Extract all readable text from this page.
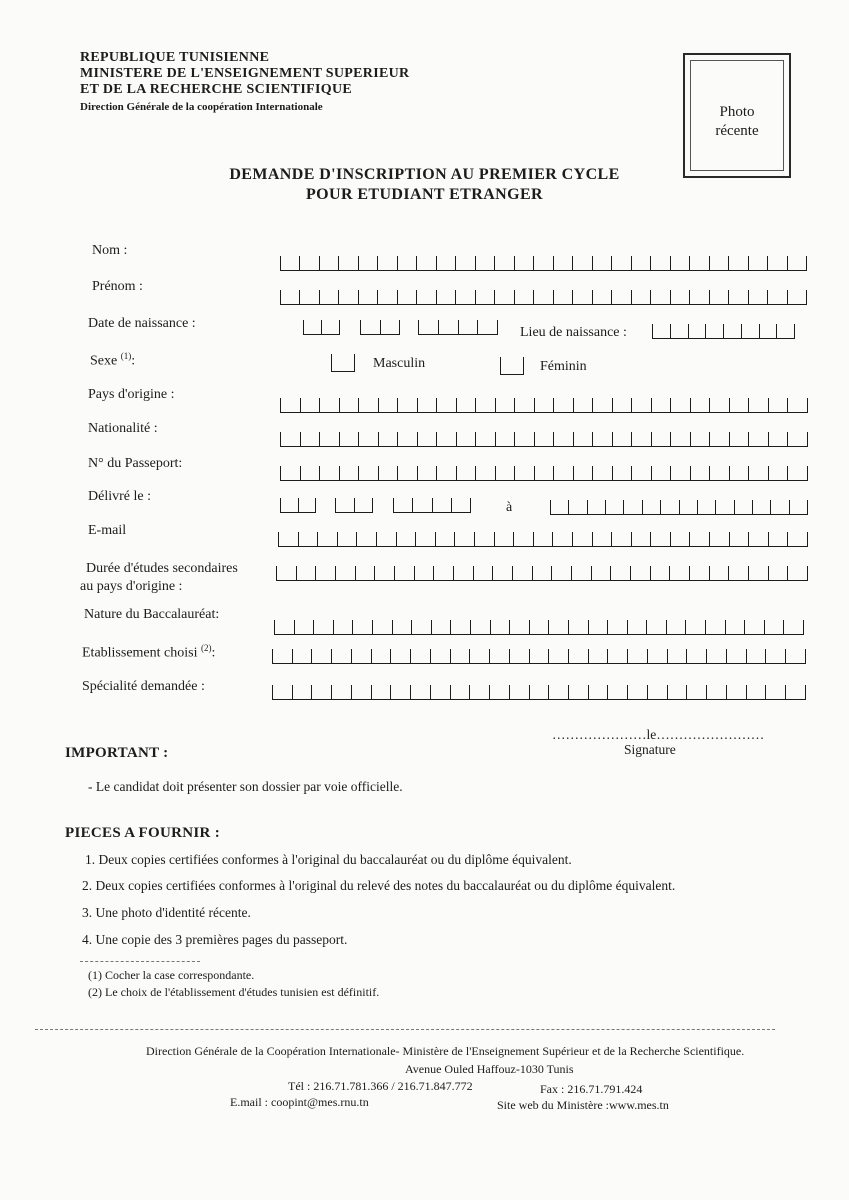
REPUBLIQUE TUNISIENNE
MINISTERE DE L'ENSEIGNEMENT SUPERIEUR
ET DE LA RECHERCHE SCIENTIFIQUE
Direction Générale de la coopération Internationale	Photo
récente
DEMANDE D'INSCRIPTION AU PREMIER CYCLE
POUR ETUDIANT ETRANGER
Nom :
Prénom :
Date de naissance :
Lieu de naissance :
Sexe $^{(1)}$:	Masculin	Féminin
Pays d'origine :
Nationalité :
N° du Passeport:
Délivré le :
à
E-mail
Durée d'études secondaires
au pays d'origine :
Nature du Baccalauréat:
Etablissement choisi $^{(2)}$:
Spécialité demandée :
…………………le……………………
Signature
IMPORTANT :
- Le candidat doit présenter son dossier par voie officielle.
PIECES A FOURNIR :
1. Deux copies certifiées conformes à l'original du baccalauréat ou du diplôme équivalent.
2. Deux copies certifiées conformes à l'original du relevé des notes du baccalauréat ou du diplôme équivalent.
3. Une photo d'identité récente.
4. Une copie des 3 premières pages du passeport.
(1) Cocher la case correspondante.
(2) Le choix de l'établissement d'études tunisien est définitif.
Direction Générale de la Coopération Internationale- Ministère de l'Enseignement Supérieur et de la Recherche Scientifique.
Avenue Ouled Haffouz-1030 Tunis
Tél : 216.71.781.366 / 216.71.847.772	Fax : 216.71.791.424
E.mail : coopint@mes.rnu.tn	Site web du Ministère :www.mes.tn
